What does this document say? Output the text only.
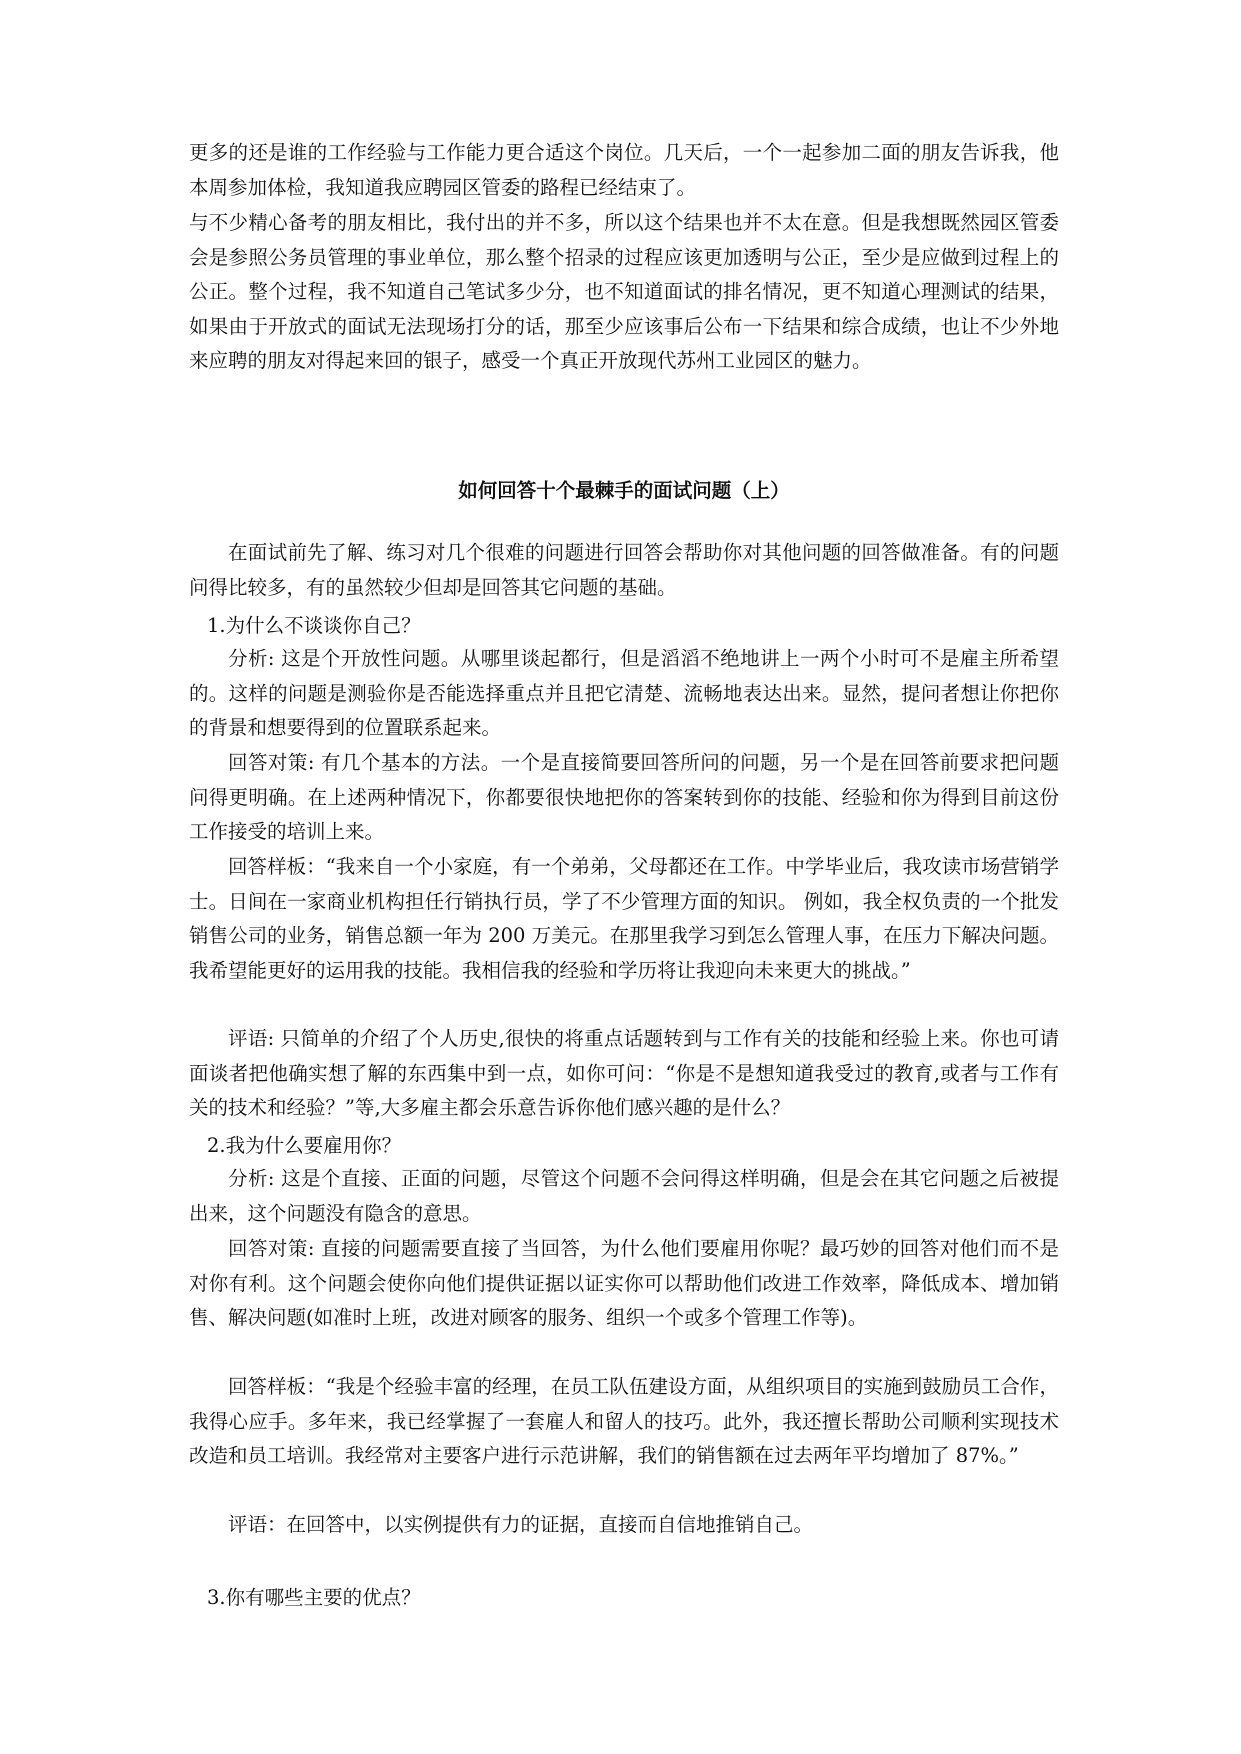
更多的还是谁的工作经验与工作能力更合适这个岗位。几天后，一个一起参加二面的朋友告诉我，他本周参加体检，我知道我应聘园区管委的路程已经结束了。

与不少精心备考的朋友相比，我付出的并不多，所以这个结果也并不太在意。但是我想既然园区管委会是参照公务员管理的事业单位，那么整个招录的过程应该更加透明与公正，至少是应做到过程上的公正。整个过程，我不知道自己笔试多少分，也不知道面试的排名情况，更不知道心理测试的结果，如果由于开放式的面试无法现场打分的话，那至少应该事后公布一下结果和综合成绩，也让不少外地来应聘的朋友对得起来回的银子，感受一个真正开放现代苏州工业园区的魅力。

如何回答十个最棘手的面试问题（上）

在面试前先了解、练习对几个很难的问题进行回答会帮助你对其他问题的回答做准备。有的问题问得比较多，有的虽然较少但却是回答其它问题的基础。

1.为什么不谈谈你自己？

分析: 这是个开放性问题。从哪里谈起都行，但是滔滔不绝地讲上一两个小时可不是雇主所希望的。这样的问题是测验你是否能选择重点并且把它清楚、流畅地表达出来。显然，提问者想让你把你的背景和想要得到的位置联系起来。

回答对策: 有几个基本的方法。一个是直接简要回答所问的问题，另一个是在回答前要求把问题问得更明确。在上述两种情况下，你都要很快地把你的答案转到你的技能、经验和你为得到目前这份工作接受的培训上来。

回答样板：“我来自一个小家庭，有一个弟弟，父母都还在工作。中学毕业后，我攻读市场营销学士。日间在一家商业机构担任行销执行员，学了不少管理方面的知识。 例如，我全权负责的一个批发销售公司的业务，销售总额一年为 200 万美元。在那里我学习到怎么管理人事，在压力下解决问题。我希望能更好的运用我的技能。我相信我的经验和学历将让我迎向未来更大的挑战。”

评语: 只简单的介绍了个人历史,很快的将重点话题转到与工作有关的技能和经验上来。你也可请面谈者把他确实想了解的东西集中到一点，如你可问：“你是不是想知道我受过的教育,或者与工作有关的技术和经验？”等,大多雇主都会乐意告诉你他们感兴趣的是什么？

2.我为什么要雇用你？

分析: 这是个直接、正面的问题，尽管这个问题不会问得这样明确，但是会在其它问题之后被提出来，这个问题没有隐含的意思。

回答对策: 直接的问题需要直接了当回答，为什么他们要雇用你呢？最巧妙的回答对他们而不是对你有利。这个问题会使你向他们提供证据以证实你可以帮助他们改进工作效率，降低成本、增加销售、解决问题(如准时上班，改进对顾客的服务、组织一个或多个管理工作等)。

回答样板：“我是个经验丰富的经理，在员工队伍建设方面，从组织项目的实施到鼓励员工合作，我得心应手。多年来，我已经掌握了一套雇人和留人的技巧。此外，我还擅长帮助公司顺利实现技术改造和员工培训。我经常对主要客户进行示范讲解，我们的销售额在过去两年平均增加了 87%。”

评语：在回答中，以实例提供有力的证据，直接而自信地推销自己。

3.你有哪些主要的优点？
